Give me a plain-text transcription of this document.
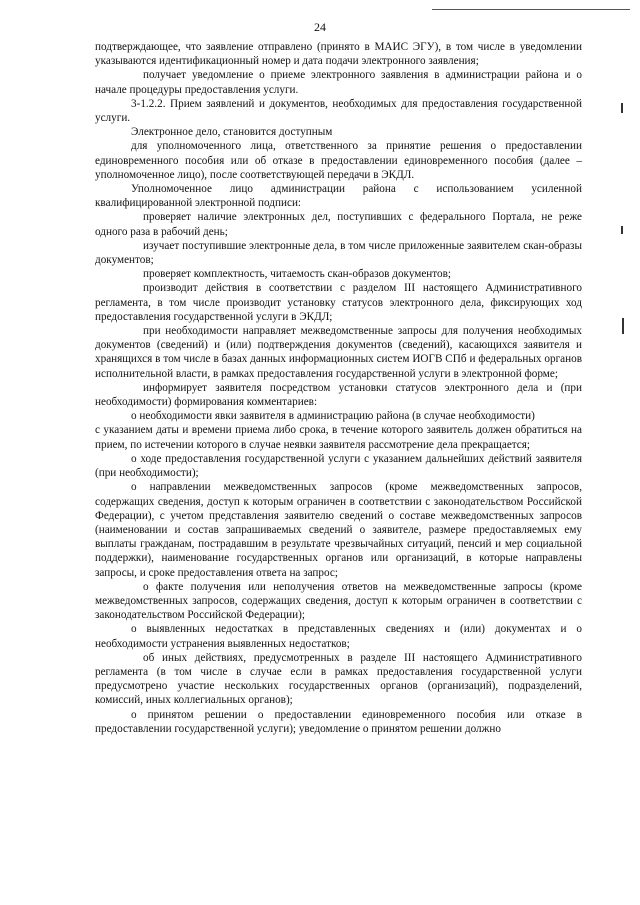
24

подтверждающее, что заявление отправлено (принято в МАИС ЭГУ), в том числе в уведомлении указываются идентификационный номер и дата подачи электронного заявления;

получает уведомление о приеме электронного заявления в администрации района и о начале процедуры предоставления услуги.

3-1.2.2. Прием заявлений и документов, необходимых для предоставления государственной услуги.

Электронное дело, становится доступным

для уполномоченного лица, ответственного за принятие решения о предоставлении единовременного пособия или об отказе в предоставлении единовременного пособия (далее – уполномоченное лицо), после соответствующей передачи в ЭКДЛ.

Уполномоченное лицо администрации района с использованием усиленной квалифицированной электронной подписи:

проверяет наличие электронных дел, поступивших с федерального Портала, не реже одного раза в рабочий день;

изучает поступившие электронные дела, в том числе приложенные заявителем скан-образы документов;

проверяет комплектность, читаемость скан-образов документов;

производит действия в соответствии с разделом III настоящего Административного регламента, в том числе производит установку статусов электронного дела, фиксирующих ход предоставления государственной услуги в ЭКДЛ;

при необходимости направляет межведомственные запросы для получения необходимых документов (сведений) и (или) подтверждения документов (сведений), касающихся заявителя и хранящихся в том числе в базах данных информационных систем ИОГВ СПб и федеральных органов исполнительной власти, в рамках предоставления государственной услуги в электронной форме;

информирует заявителя посредством установки статусов электронного дела и (при необходимости) формирования комментариев:

о необходимости явки заявителя в администрацию района (в случае необходимости)

с указанием даты и времени приема либо срока, в течение которого заявитель должен обратиться на прием, по истечении которого в случае неявки заявителя рассмотрение дела прекращается;

о ходе предоставления государственной услуги с указанием дальнейших действий заявителя (при необходимости);

о направлении межведомственных запросов (кроме межведомственных запросов, содержащих сведения, доступ к которым ограничен в соответствии с законодательством Российской Федерации), с учетом представления заявителю сведений о составе межведомственных запросов (наименовании и состав запрашиваемых сведений о заявителе, размере предоставляемых ему выплаты гражданам, пострадавшим в результате чрезвычайных ситуаций, пенсий и мер социальной поддержки), наименование государственных органов или организаций, в которые направлены запросы, и сроке предоставления ответа на запрос;

о факте получения или неполучения ответов на межведомственные запросы (кроме межведомственных запросов, содержащих сведения, доступ к которым ограничен в соответствии с законодательством Российской Федерации);

о выявленных недостатках в представленных сведениях и (или) документах и о необходимости устранения выявленных недостатков;

об иных действиях, предусмотренных в разделе III настоящего Административного регламента (в том числе в случае если в рамках предоставления государственной услуги предусмотрено участие нескольких государственных органов (организаций), подразделений, комиссий, иных коллегиальных органов);

о принятом решении о предоставлении единовременного пособия или отказе в предоставлении государственной услуги); уведомление о принятом решении должно
